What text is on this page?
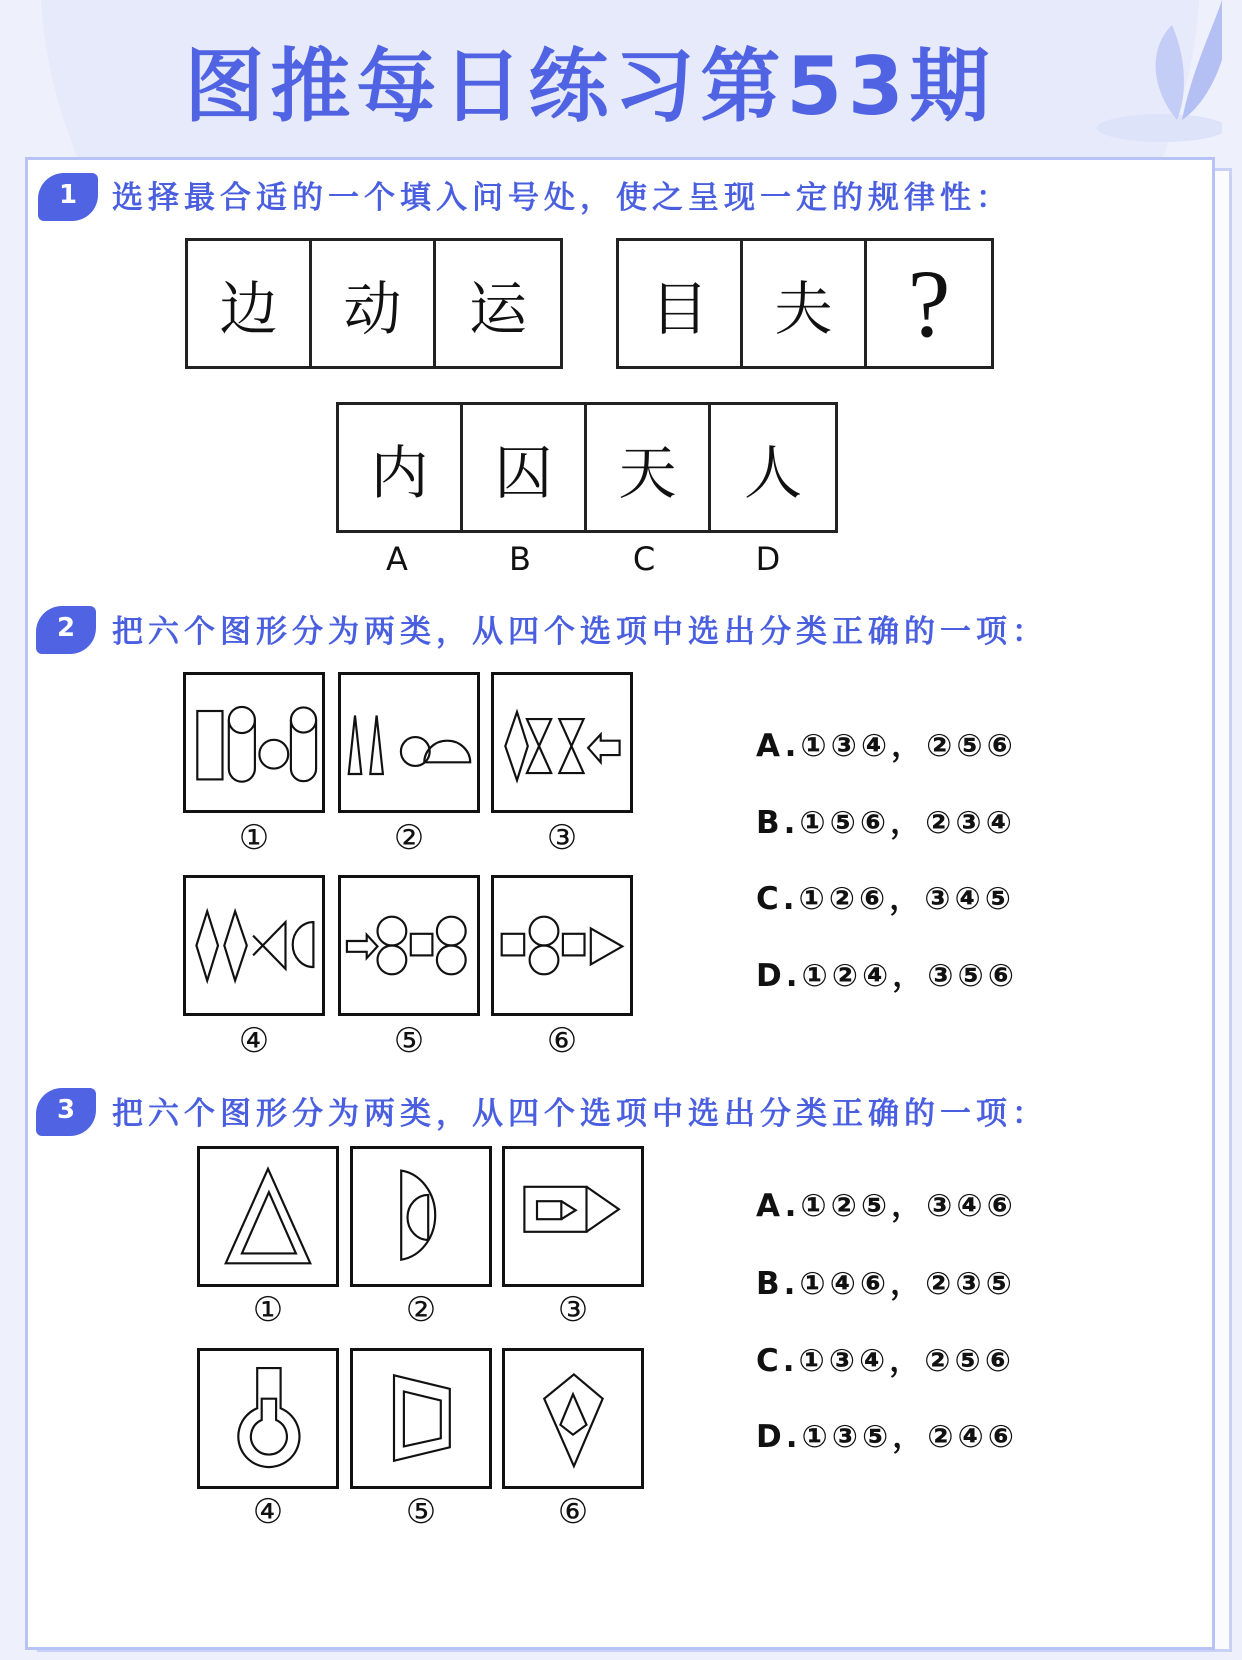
图推每日练习第53期
1	选择最合适的一个填入问号处，使之呈现一定的规律性：
边	动	运	目	夫 ?
内	囚	天	人
A	B	C	D
2	把六个图形分为两类，从四个选项中选出分类正确的一项：
①	②	③
④	⑤	⑥
A.①③④，②⑤⑥
B.①⑤⑥，②③④
C.①②⑥，③④⑤
D.①②④，③⑤⑥
3	把六个图形分为两类，从四个选项中选出分类正确的一项：
①	②	③
④	⑤	⑥
A.①②⑤，③④⑥
B.①④⑥，②③⑤
C.①③④，②⑤⑥
D.①③⑤，②④⑥
